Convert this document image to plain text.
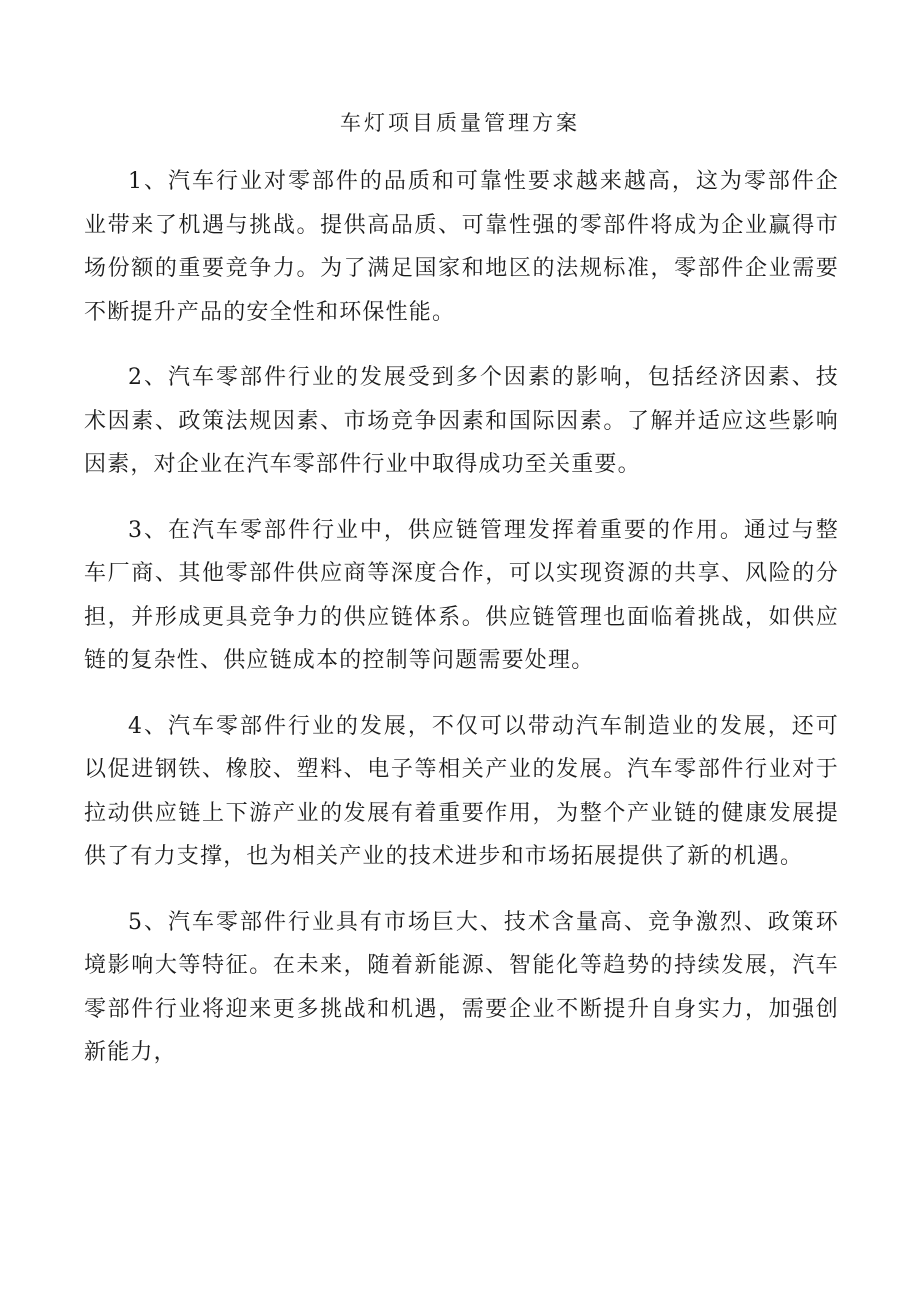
车灯项目质量管理方案

1、汽车行业对零部件的品质和可靠性要求越来越高，这为零部件企业带来了机遇与挑战。提供高品质、可靠性强的零部件将成为企业赢得市场份额的重要竞争力。为了满足国家和地区的法规标准，零部件企业需要不断提升产品的安全性和环保性能。

2、汽车零部件行业的发展受到多个因素的影响，包括经济因素、技术因素、政策法规因素、市场竞争因素和国际因素。了解并适应这些影响因素，对企业在汽车零部件行业中取得成功至关重要。

3、在汽车零部件行业中，供应链管理发挥着重要的作用。通过与整车厂商、其他零部件供应商等深度合作，可以实现资源的共享、风险的分担，并形成更具竞争力的供应链体系。供应链管理也面临着挑战，如供应链的复杂性、供应链成本的控制等问题需要处理。

4、汽车零部件行业的发展，不仅可以带动汽车制造业的发展，还可以促进钢铁、橡胶、塑料、电子等相关产业的发展。汽车零部件行业对于拉动供应链上下游产业的发展有着重要作用，为整个产业链的健康发展提供了有力支撑，也为相关产业的技术进步和市场拓展提供了新的机遇。

5、汽车零部件行业具有市场巨大、技术含量高、竞争激烈、政策环境影响大等特征。在未来，随着新能源、智能化等趋势的持续发展，汽车零部件行业将迎来更多挑战和机遇，需要企业不断提升自身实力，加强创新能力，
